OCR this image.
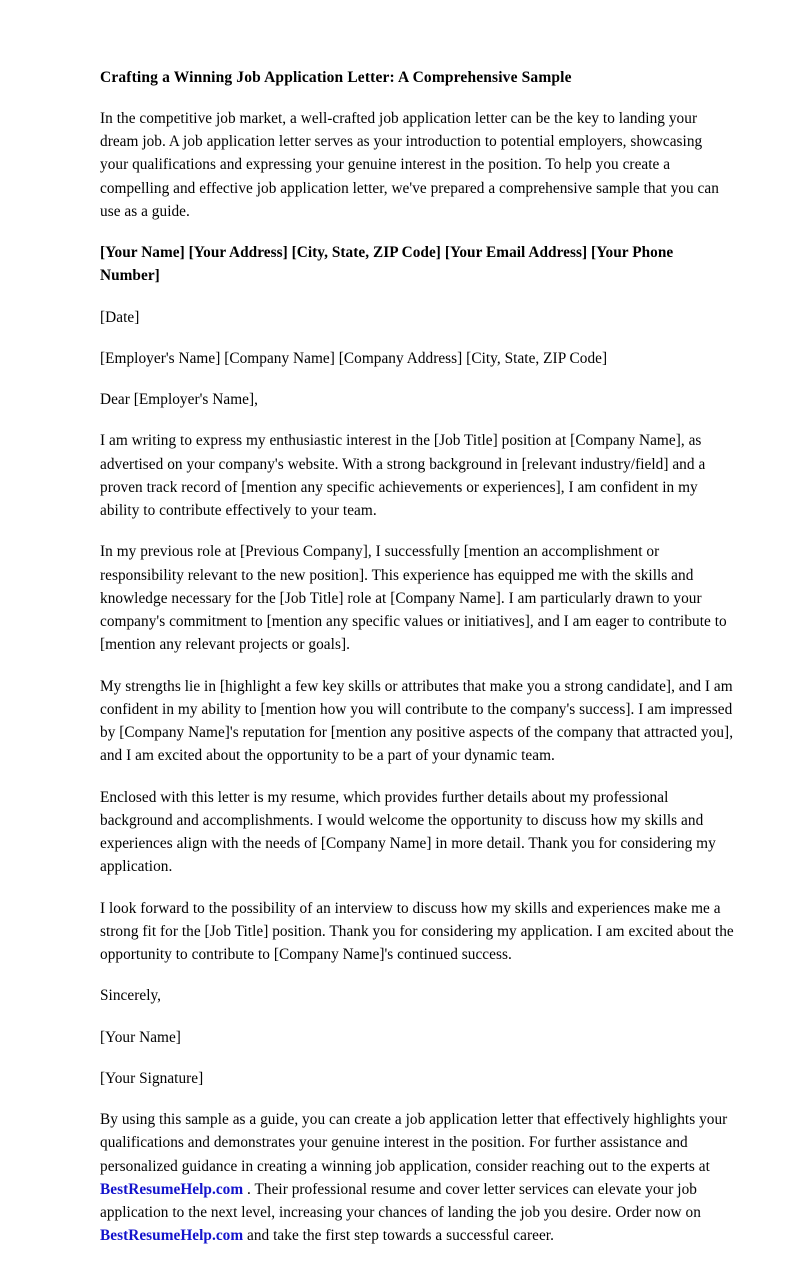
Crafting a Winning Job Application Letter: A Comprehensive Sample

In the competitive job market, a well-crafted job application letter can be the key to landing your dream job. A job application letter serves as your introduction to potential employers, showcasing your qualifications and expressing your genuine interest in the position. To help you create a compelling and effective job application letter, we've prepared a comprehensive sample that you can use as a guide.

[Your Name] [Your Address] [City, State, ZIP Code] [Your Email Address] [Your Phone Number]

[Date]

[Employer's Name] [Company Name] [Company Address] [City, State, ZIP Code]

Dear [Employer's Name],

I am writing to express my enthusiastic interest in the [Job Title] position at [Company Name], as advertised on your company's website. With a strong background in [relevant industry/field] and a proven track record of [mention any specific achievements or experiences], I am confident in my ability to contribute effectively to your team.

In my previous role at [Previous Company], I successfully [mention an accomplishment or responsibility relevant to the new position]. This experience has equipped me with the skills and knowledge necessary for the [Job Title] role at [Company Name]. I am particularly drawn to your company's commitment to [mention any specific values or initiatives], and I am eager to contribute to [mention any relevant projects or goals].

My strengths lie in [highlight a few key skills or attributes that make you a strong candidate], and I am confident in my ability to [mention how you will contribute to the company's success]. I am impressed by [Company Name]'s reputation for [mention any positive aspects of the company that attracted you], and I am excited about the opportunity to be a part of your dynamic team.

Enclosed with this letter is my resume, which provides further details about my professional background and accomplishments. I would welcome the opportunity to discuss how my skills and experiences align with the needs of [Company Name] in more detail. Thank you for considering my application.

I look forward to the possibility of an interview to discuss how my skills and experiences make me a strong fit for the [Job Title] position. Thank you for considering my application. I am excited about the opportunity to contribute to [Company Name]'s continued success.

Sincerely,

[Your Name]

[Your Signature]

By using this sample as a guide, you can create a job application letter that effectively highlights your qualifications and demonstrates your genuine interest in the position. For further assistance and personalized guidance in creating a winning job application, consider reaching out to the experts at BestResumeHelp.com . Their professional resume and cover letter services can elevate your job application to the next level, increasing your chances of landing the job you desire. Order now on BestResumeHelp.com and take the first step towards a successful career.
